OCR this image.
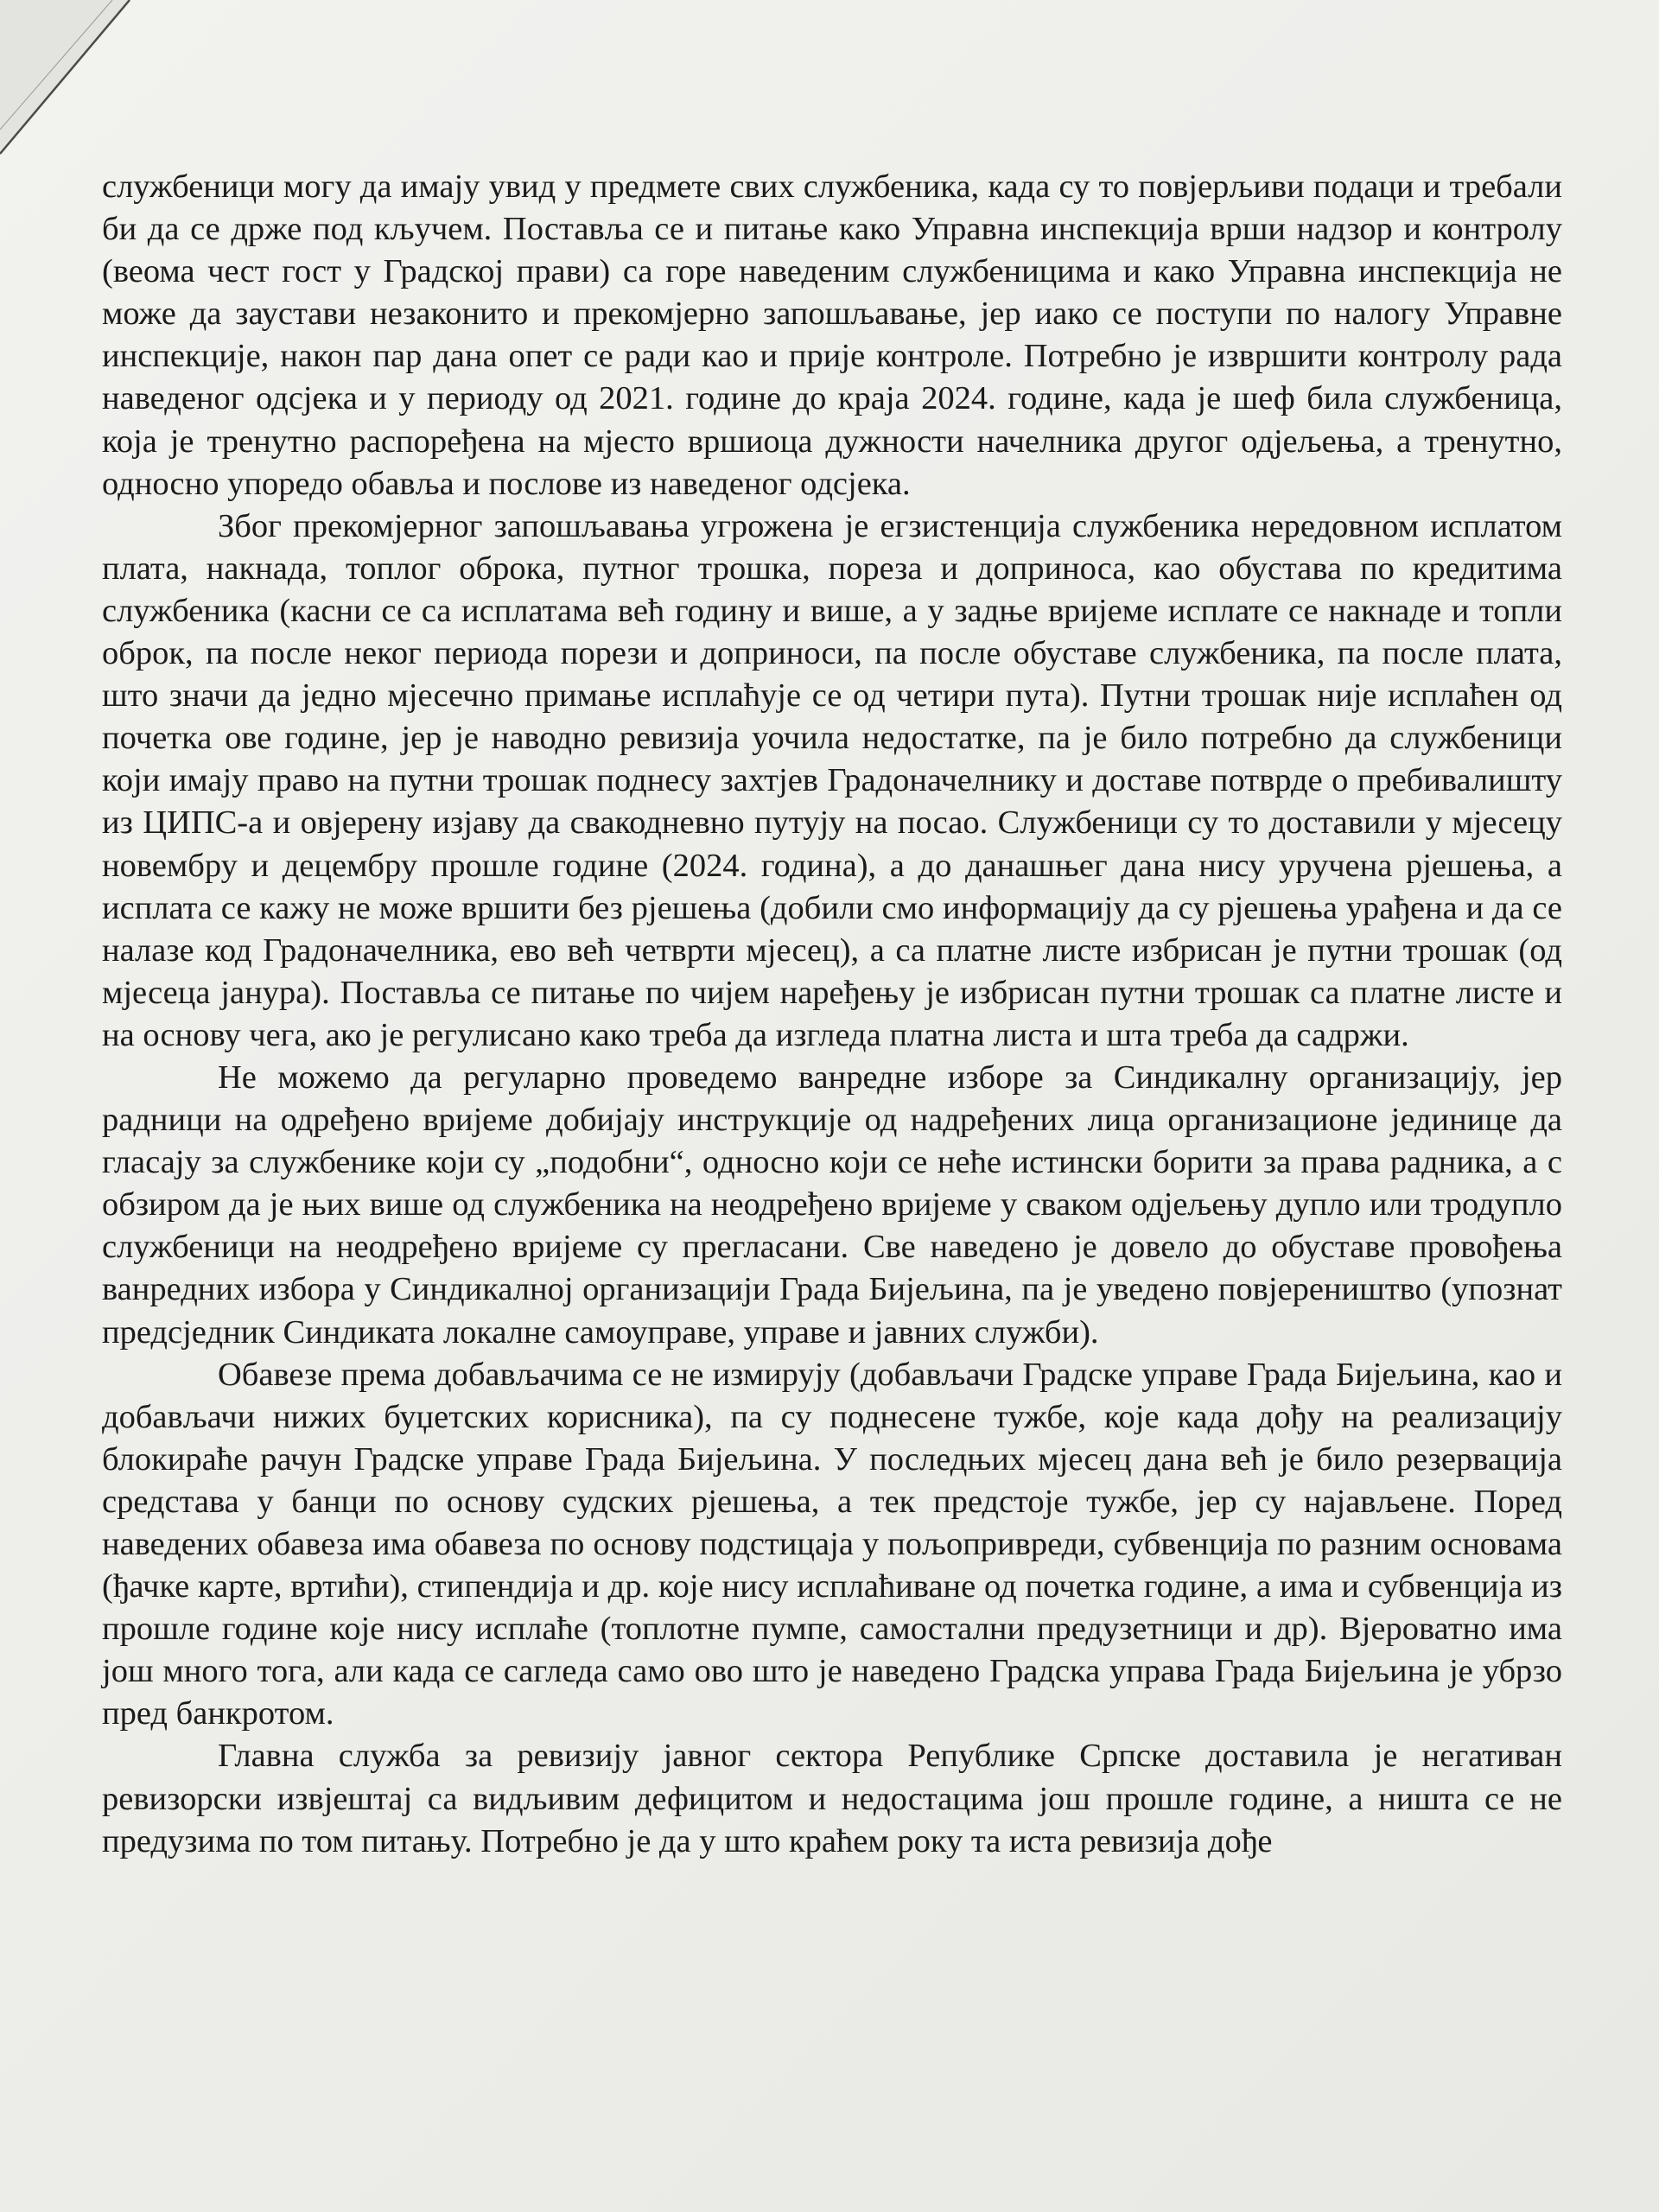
службеници могу да имају увид у предмете свих службеника, када су то повјерљиви подаци и требали би да се држе под кључем. Поставља се и питање како Управна инспекција врши надзор и контролу (веома чест гост у Градској прави) са горе наведеним службеницима и како Управна инспекција не може да заустави незаконито и прекомјерно запошљавање, јер иако се поступи по налогу Управне инспекције, након пар дана опет се ради као и прије контроле. Потребно је извршити контролу рада наведеног одсјека и у периоду од 2021. године до краја 2024. године, када је шеф била службеница, која је тренутно распоређена на мјесто вршиоца дужности начелника другог одјељења, а тренутно, односно упоредо обавља и послове из наведеног одсјека.

Због прекомјерног запошљавања угрожена је егзистенција службеника нередовном исплатом плата, накнада, топлог оброка, путног трошка, пореза и доприноса, као обустава по кредитима службеника (касни се са исплатама већ годину и више, а у задње вријеме исплате се накнаде и топли оброк, па после неког периода порези и доприноси, па после обуставе службеника, па после плата, што значи да једно мјесечно примање исплаћује се од четири пута). Путни трошак није исплаћен од почетка ове године, јер је наводно ревизија уочила недостатке, па је било потребно да службеници који имају право на путни трошак поднесу захтјев Градоначелнику и доставе потврде о пребивалишту из ЦИПС-а и овјерену изјаву да свакодневно путују на посао. Службеници су то доставили у мјесецу новембру и децембру прошле године (2024. година), а до данашњег дана нису уручена рјешења, а исплата се кажу не може вршити без рјешења (добили смо информацију да су рјешења урађена и да се налазе код Градоначелника, ево већ четврти мјесец), а са платне листе избрисан је путни трошак (од мјесеца јанура). Поставља се питање по чијем наређењу је избрисан путни трошак са платне листе и на основу чега, ако је регулисано како треба да изгледа платна листа и шта треба да садржи.

Не можемо да регуларно проведемо ванредне изборе за Синдикалну организацију, јер радници на одређено вријеме добијају инструкције од надређених лица организационе јединице да гласају за службенике који су „подобни“, односно који се неће истински борити за права радника, а с обзиром да је њих више од службеника на неодређено вријеме у сваком одјељењу дупло или тродупло службеници на неодређено вријеме су прегласани. Све наведено је довело до обуставе провођења ванредних избора у Синдикалној организацији Града Бијељина, па је уведено повјереништво (упознат предсједник Синдиката локалне самоуправе, управе и јавних служби).

Обавезе према добављачима се не измирују (добављачи Градске управе Града Бијељина, као и добављачи нижих буџетских корисника), па су поднесене тужбе, које када дођу на реализацију блокираће рачун Градске управе Града Бијељина. У последњих мјесец дана већ је било резервација средстава у банци по основу судских рјешења, а тек предстоје тужбе, јер су најављене. Поред наведених обавеза има обавеза по основу подстицаја у пољопривреди, субвенција по разним основама (ђачке карте, вртићи), стипендија и др. које нису исплаћиване од почетка године, а има и субвенција из прошле године које нису исплаће (топлотне пумпе, самостални предузетници и др). Вјероватно има још много тога, али када се сагледа само ово што је наведено Градска управа Града Бијељина је убрзо пред банкротом.

Главна служба за ревизију јавног сектора Републике Српске доставила је негативан ревизорски извјештај са видљивим дефицитом и недостацима још прошле године, а ништа се не предузима по том питању. Потребно је да у што краћем року та иста ревизија дође
